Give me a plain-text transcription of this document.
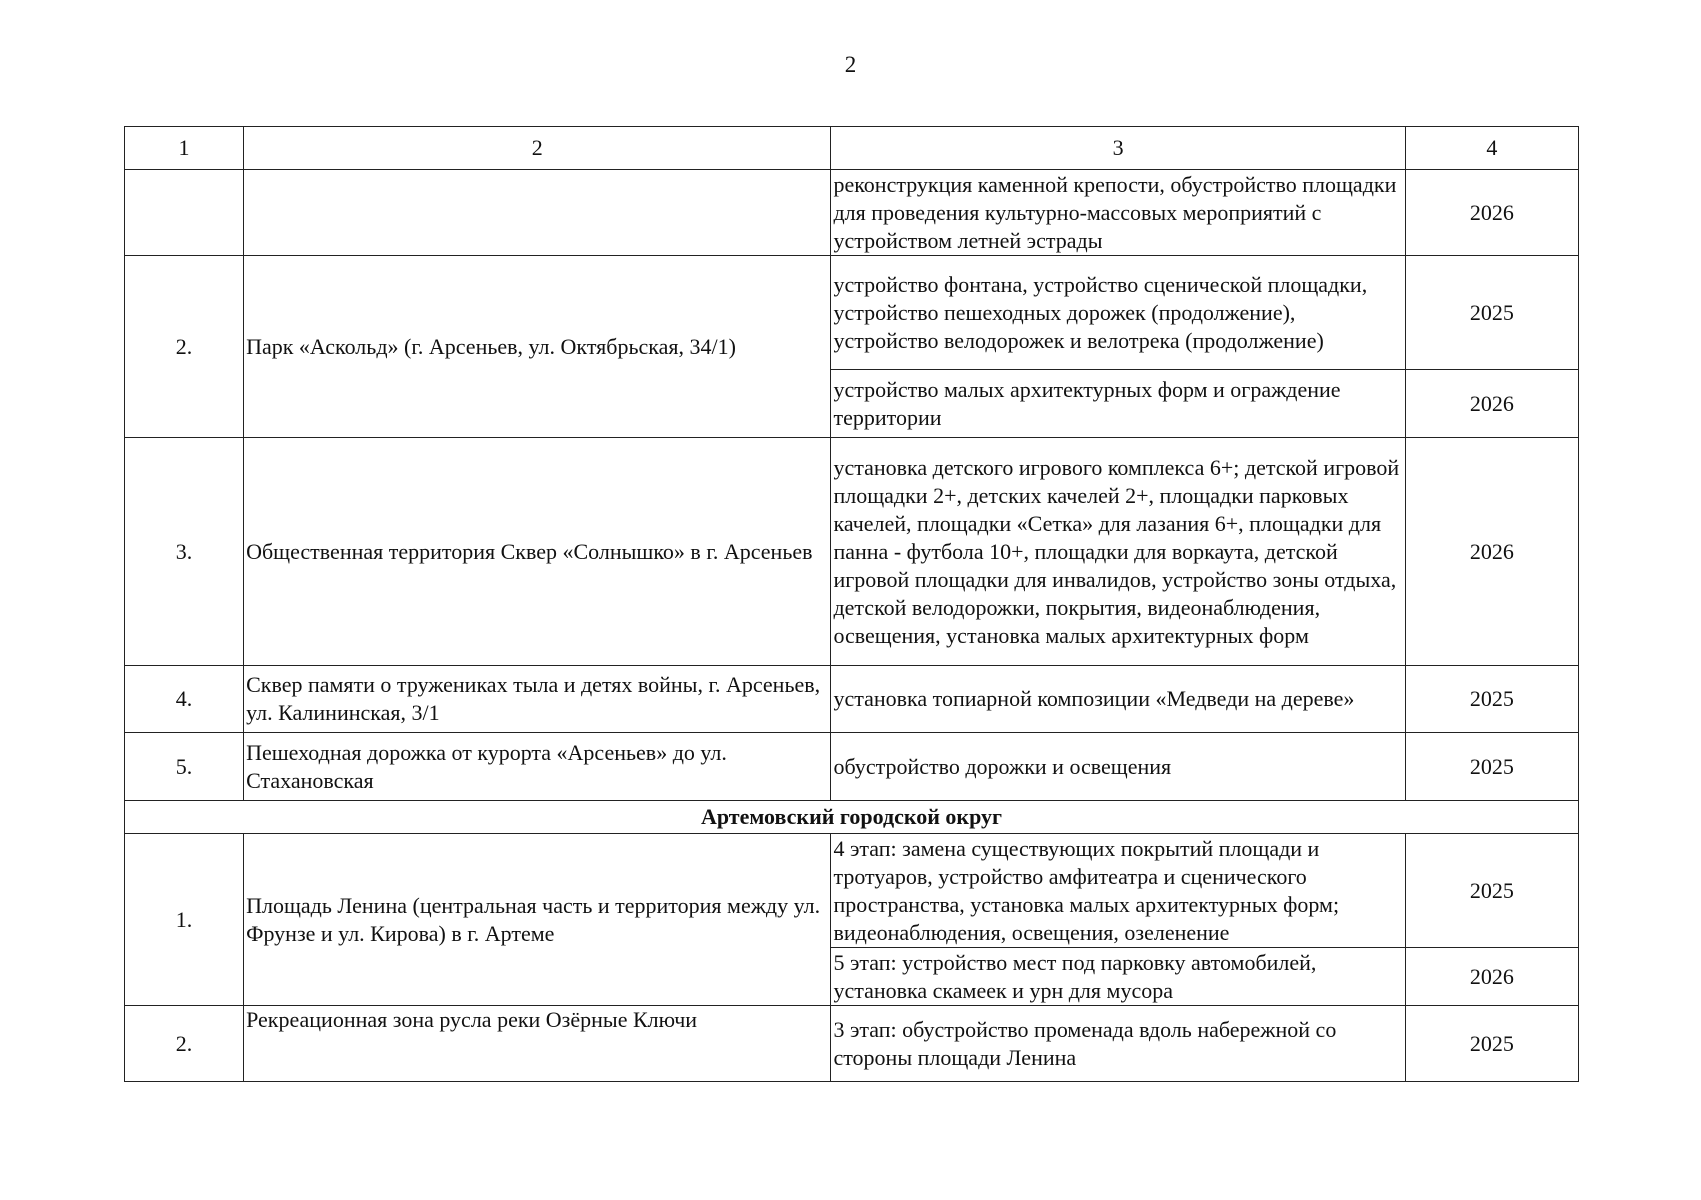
2
1	2	3	4
		реконструкция каменной крепости, обустройство площадки для проведения культурно-массовых мероприятий с устройством летней эстрады	2026
2.	Парк «Аскольд» (г. Арсеньев, ул. Октябрьская, 34/1)	устройство фонтана, устройство сценической площадки, устройство пешеходных дорожек (продолжение), устройство велодорожек и велотрека (продолжение)	2025
		устройство малых архитектурных форм и ограждение территории	2026
3.	Общественная территория Сквер «Солнышко» в г. Арсеньев	установка детского игрового комплекса 6+; детской игровой площадки 2+, детских качелей 2+, площадки парковых качелей, площадки «Сетка» для лазания 6+, площадки для панна - футбола 10+, площадки для воркаута, детской игровой площадки для инвалидов, устройство зоны отдыха, детской велодорожки, покрытия, видеонаблюдения, освещения, установка малых архитектурных форм	2026
4.	Сквер памяти о тружениках тыла и детях войны, г. Арсеньев, ул. Калининская, 3/1	установка топиарной композиции «Медведи на дереве»	2025
5.	Пешеходная дорожка от курорта «Арсеньев» до ул. Стахановская	обустройство дорожки и освещения	2025
Артемовский городской округ			
1.	Площадь Ленина (центральная часть и территория между ул. Фрунзе и ул. Кирова) в г. Артеме	4 этап: замена существующих покрытий площади и тротуаров, устройство амфитеатра и сценического пространства, установка малых архитектурных форм; видеонаблюдения, освещения, озеленение	2025
		5 этап: устройство мест под парковку автомобилей, установка скамеек и урн для мусора	2026
2.	Рекреационная зона русла реки Озёрные Ключи	3 этап: обустройство променада вдоль набережной со стороны площади Ленина	2025
